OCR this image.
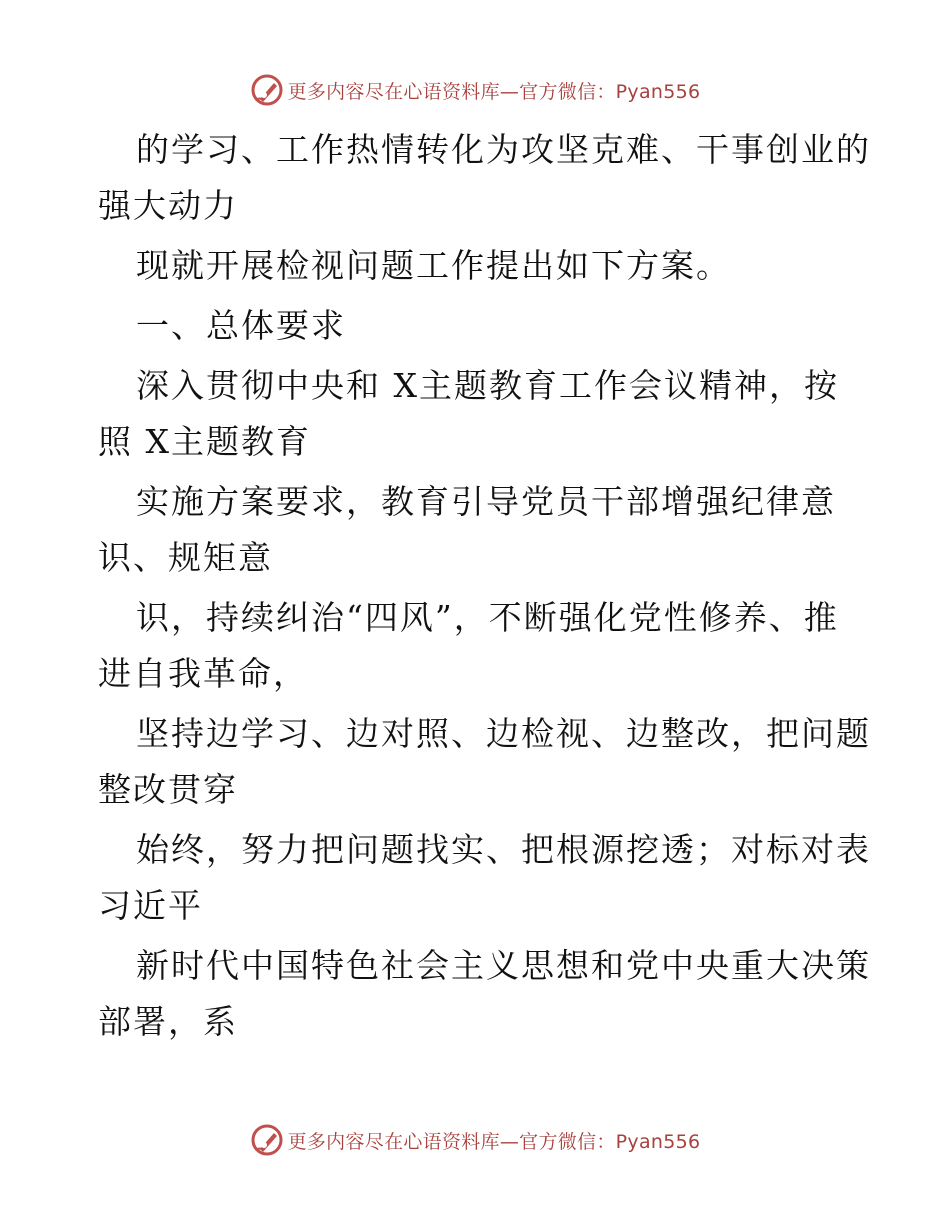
更多内容尽在心语资料库—官方微信：Pyan556
的学习、工作热情转化为攻坚克难、干事创业的
强大动力
现就开展检视问题工作提出如下方案。
一、总体要求
深入贯彻中央和 X主题教育工作会议精神，按
照 X主题教育
实施方案要求，教育引导党员干部增强纪律意
识、规矩意
识，持续纠治“四风”，不断强化党性修养、推
进自我革命，
坚持边学习、边对照、边检视、边整改，把问题
整改贯穿
始终，努力把问题找实、把根源挖透；对标对表
习近平
新时代中国特色社会主义思想和党中央重大决策
部署，系
更多内容尽在心语资料库—官方微信：Pyan556
